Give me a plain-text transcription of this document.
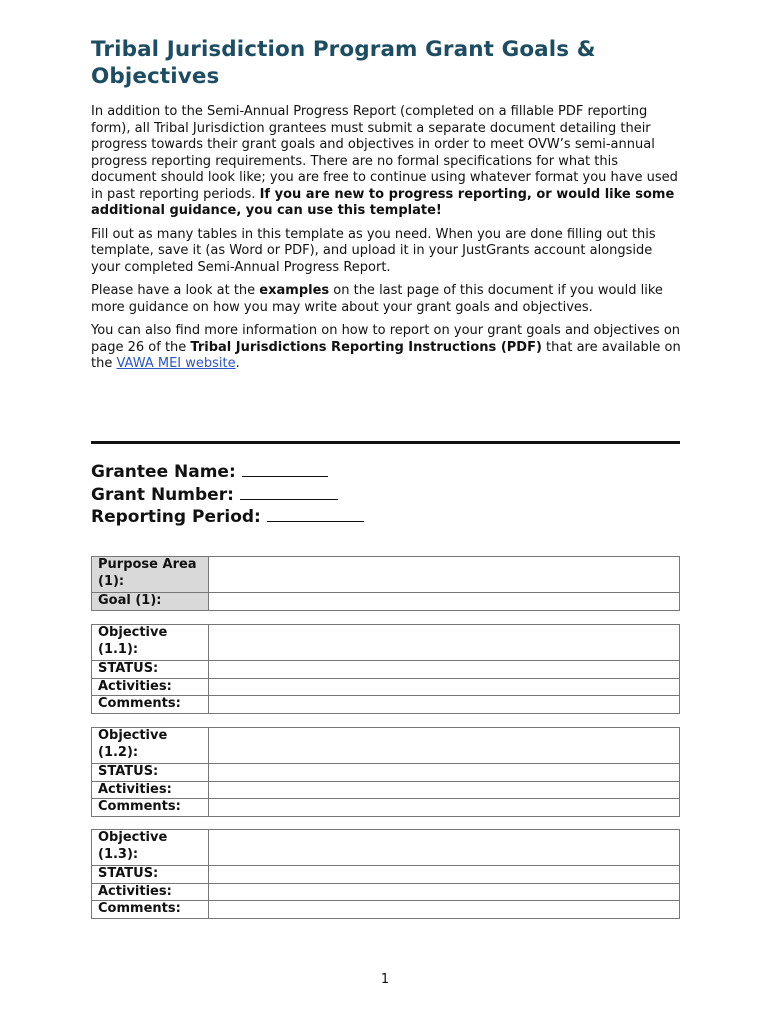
Tribal Jurisdiction Program Grant Goals & Objectives

In addition to the Semi-Annual Progress Report (completed on a fillable PDF reporting form), all Tribal Jurisdiction grantees must submit a separate document detailing their progress towards their grant goals and objectives in order to meet OVW’s semi-annual progress reporting requirements. There are no formal specifications for what this document should look like; you are free to continue using whatever format you have used in past reporting periods. If you are new to progress reporting, or would like some additional guidance, you can use this template!

Fill out as many tables in this template as you need. When you are done filling out this template, save it (as Word or PDF), and upload it in your JustGrants account alongside your completed Semi-Annual Progress Report.

Please have a look at the examples on the last page of this document if you would like more guidance on how you may write about your grant goals and objectives.

You can also find more information on how to report on your grant goals and objectives on page 26 of the Tribal Jurisdictions Reporting Instructions (PDF) that are available on the VAWA MEI website.

Grantee Name:
Grant Number:
Reporting Period:
Purpose Area (1):	
Goal (1):	
Objective (1.1):	
STATUS:	
Activities:	
Comments:	
Objective (1.2):	
STATUS:	
Activities:	
Comments:	
Objective (1.3):	
STATUS:	
Activities:	
Comments:	
1
